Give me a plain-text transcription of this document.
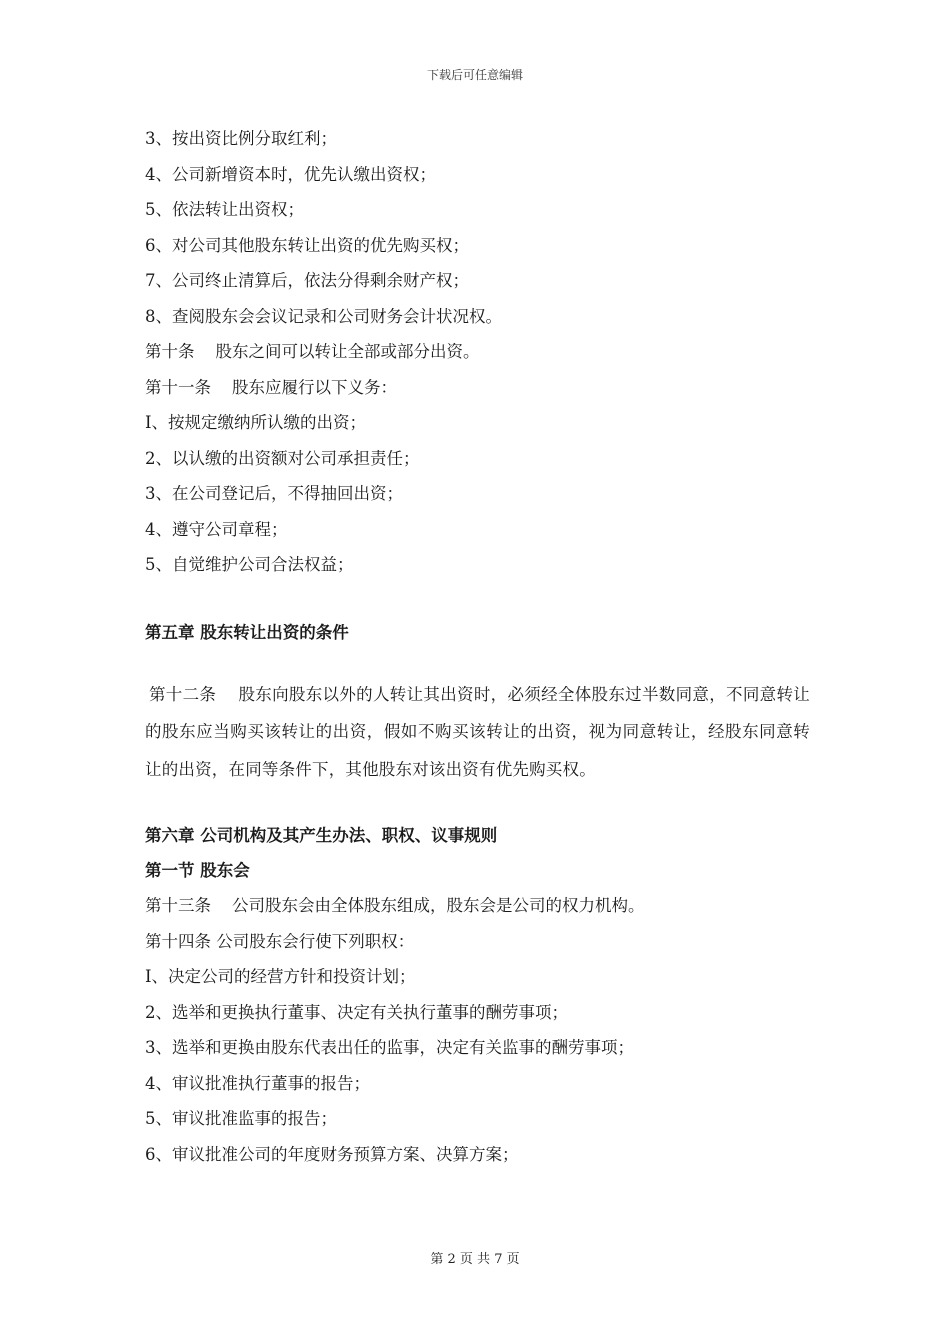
下载后可任意编辑
3、按出资比例分取红利；
4、公司新增资本时，优先认缴出资权；
5、依法转让出资权；
6、对公司其他股东转让出资的优先购买权；
7、公司终止清算后，依法分得剩余财产权；
8、查阅股东会会议记录和公司财务会计状况权。
第十条    股东之间可以转让全部或部分出资。
第十一条    股东应履行以下义务：
I、按规定缴纳所认缴的出资；
2、以认缴的出资额对公司承担责任；
3、在公司登记后，不得抽回出资；
4、遵守公司章程；
5、自觉维护公司合法权益；
第五章 股东转让出资的条件
第十二条    股东向股东以外的人转让其出资时，必须经全体股东过半数同意，不同意转让的股东应当购买该转让的出资，假如不购买该转让的出资，视为同意转让，经股东同意转让的出资，在同等条件下，其他股东对该出资有优先购买权。
第六章 公司机构及其产生办法、职权、议事规则
第一节 股东会
第十三条    公司股东会由全体股东组成，股东会是公司的权力机构。
第十四条 公司股东会行使下列职权：
I、决定公司的经营方针和投资计划；
2、选举和更换执行董事、决定有关执行董事的酬劳事项；
3、选举和更换由股东代表出任的监事，决定有关监事的酬劳事项；
4、审议批准执行董事的报告；
5、审议批准监事的报告；
6、审议批准公司的年度财务预算方案、决算方案；
第 2 页 共 7 页
